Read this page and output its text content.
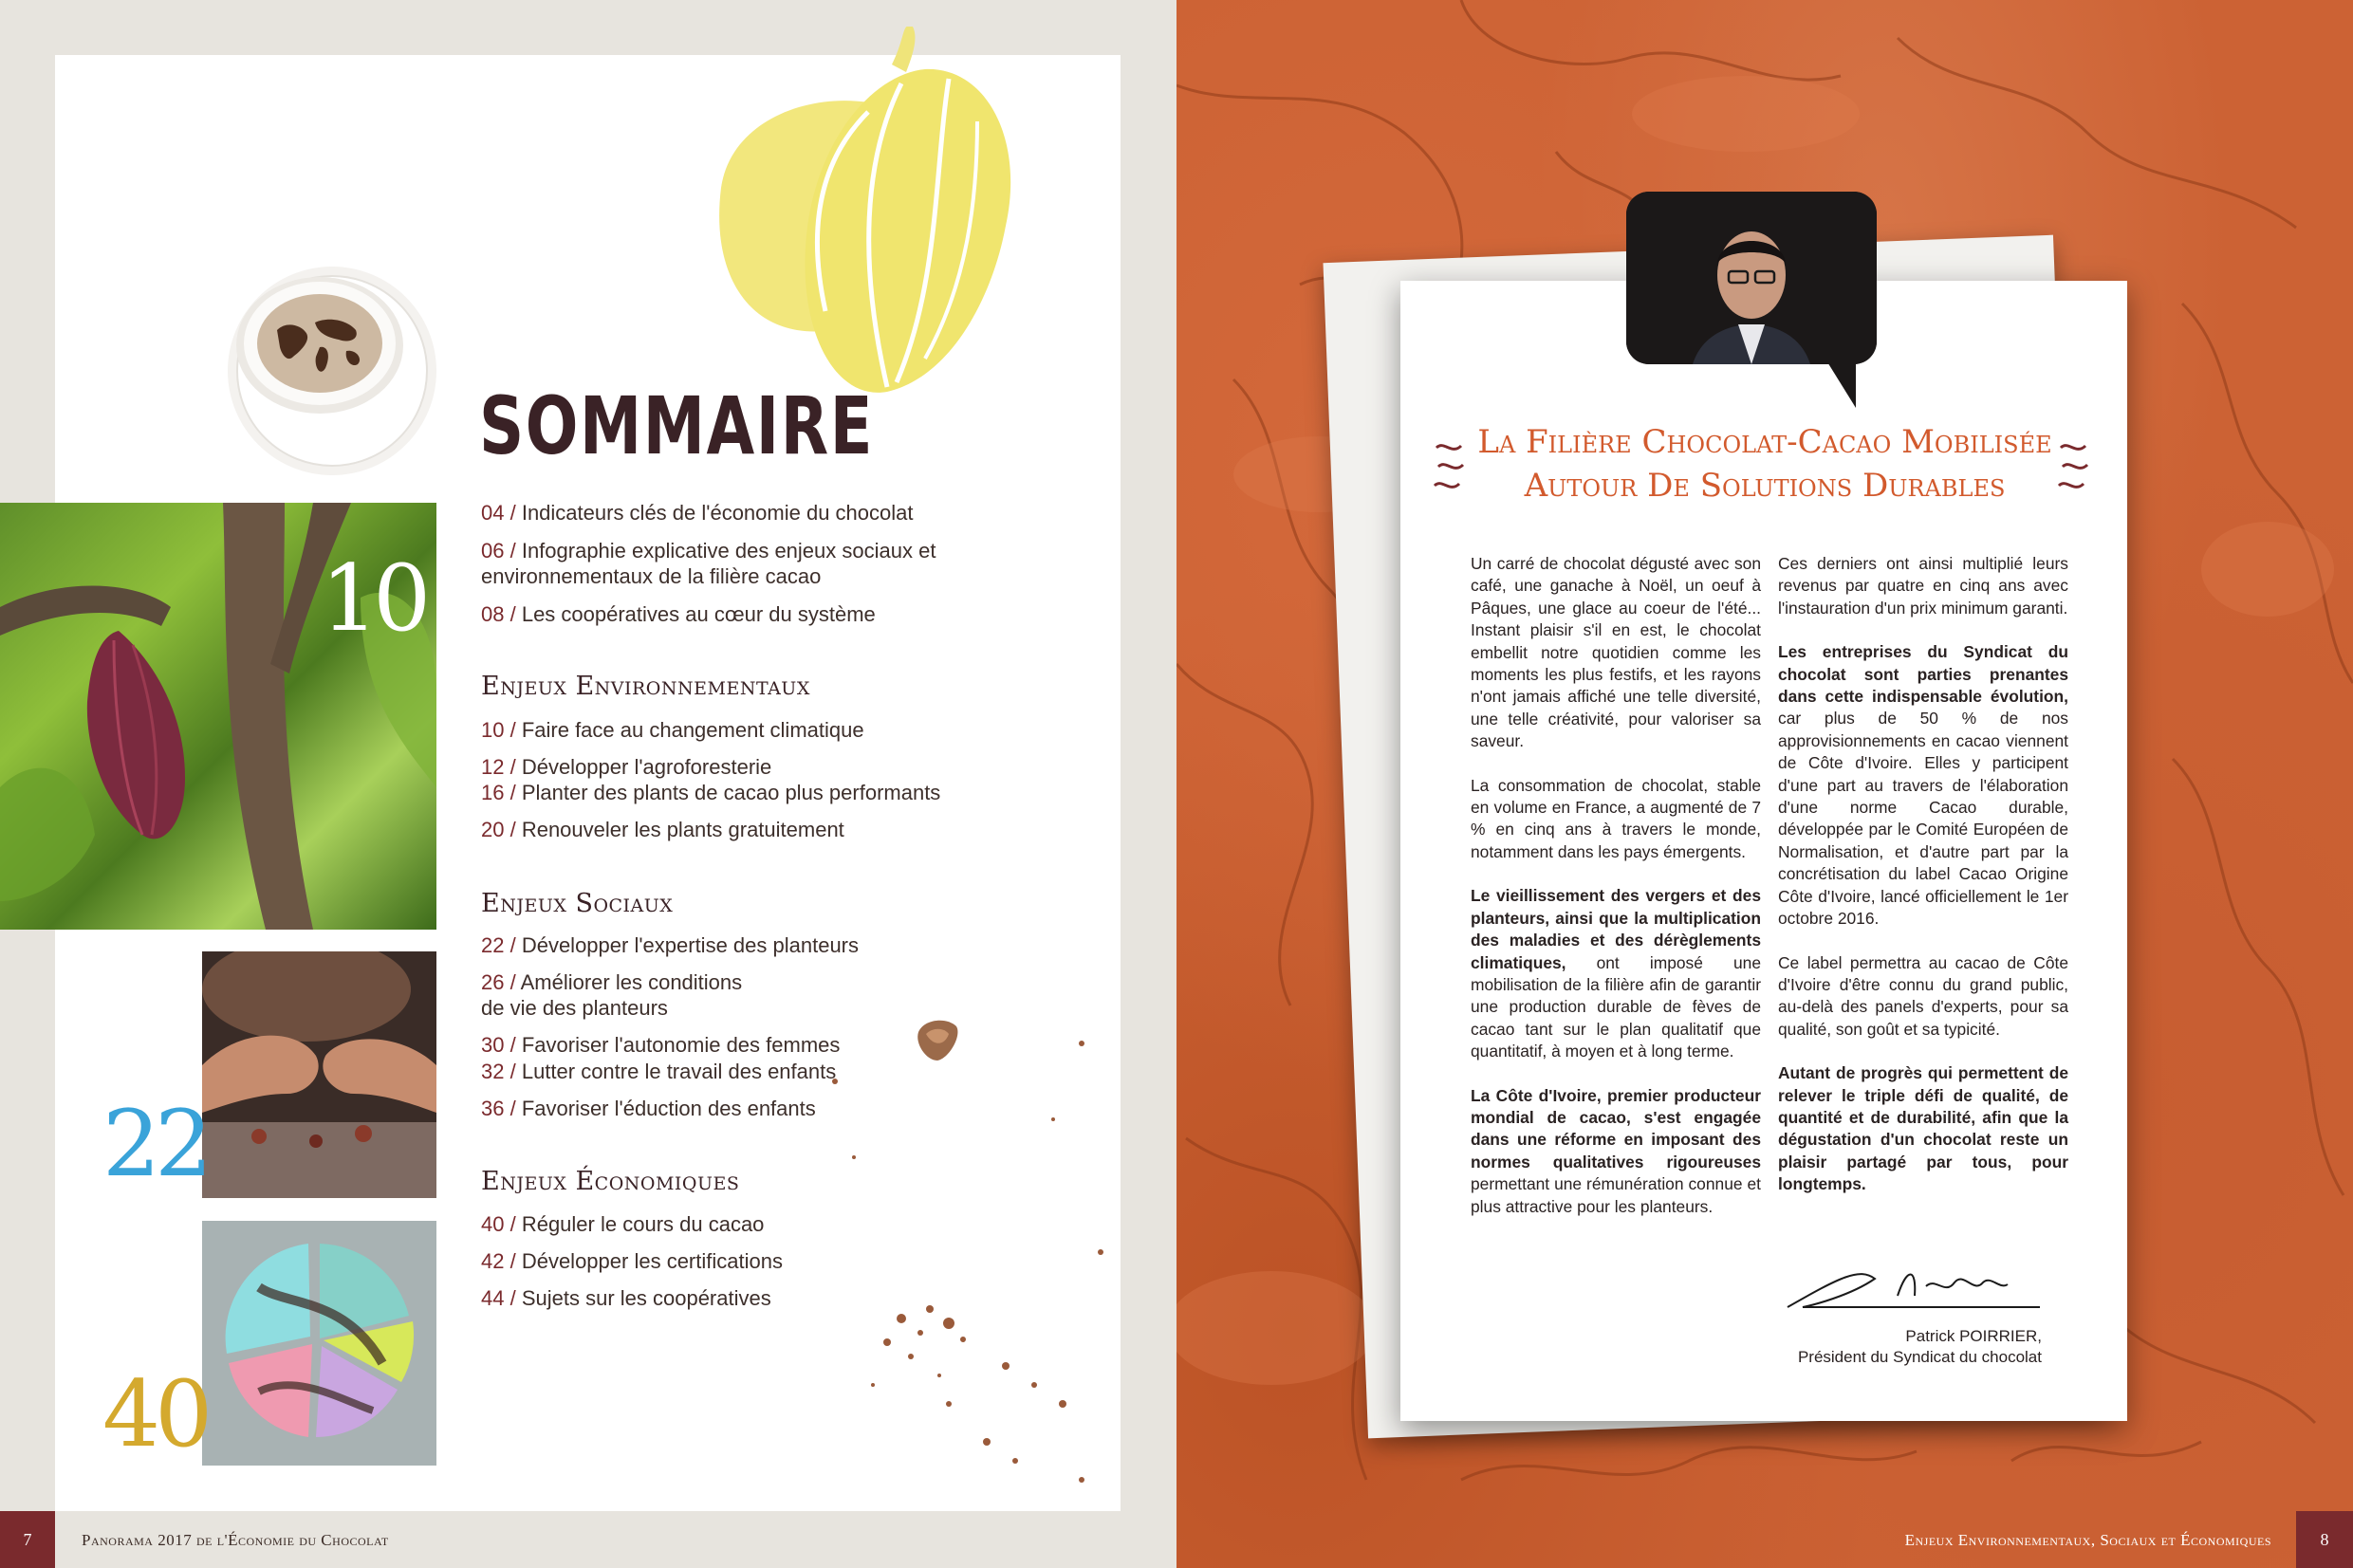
10
22
40
SOMMAIRE
04 / Indicateurs clés de l'économie du chocolat
06 / Infographie explicative des enjeux sociaux et
environnementaux de la filière cacao
08 / Les coopératives au cœur du système
Enjeux Environnementaux
10 / Faire face au changement climatique
12 / Développer l'agroforesterie
16 / Planter des plants de cacao plus performants
20 / Renouveler les plants gratuitement
Enjeux Sociaux
22 / Développer l'expertise des planteurs
26 / Améliorer les conditions
de vie des planteurs
30 / Favoriser l'autonomie des femmes
32 / Lutter contre le travail des enfants
36 / Favoriser l'éduction des enfants
Enjeux Économiques
40 / Réguler le cours du cacao
42 / Développer les certifications
44 / Sujets sur les coopératives
7	Panorama 2017 de l'Économie du Chocolat
La Filière Chocolat-Cacao Mobilisée
Autour De Solutions Durables

Un carré de chocolat dégusté avec son café, une ganache à Noël, un oeuf à Pâques, une glace au coeur de l'été... Instant plaisir s'il en est, le chocolat embellit notre quotidien comme les moments les plus festifs, et les rayons n'ont jamais affiché une telle diversité, une telle créativité, pour valoriser sa saveur.

La consommation de chocolat, stable en volume en France, a augmenté de 7 % en cinq ans à travers le monde, notamment dans les pays émergents.

Le vieillissement des vergers et des planteurs, ainsi que la multiplication des maladies et des dérèglements climatiques, ont imposé une mobilisation de la filière afin de garantir une production durable de fèves de cacao tant sur le plan qualitatif que quantitatif, à moyen et à long terme.

La Côte d'Ivoire, premier producteur mondial de cacao, s'est engagée dans une réforme en imposant des normes qualitatives rigoureuses permettant une rémunération connue et plus attractive pour les planteurs.

Ces derniers ont ainsi multiplié leurs revenus par quatre en cinq ans avec l'instauration d'un prix minimum garanti.

Les entreprises du Syndicat du chocolat sont parties prenantes dans cette indispensable évolution, car plus de 50 % de nos approvisionnements en cacao viennent de Côte d'Ivoire. Elles y participent d'une part au travers de l'élaboration d'une norme Cacao durable, développée par le Comité Européen de Normalisation, et d'autre part par la concrétisation du label Cacao Origine Côte d'Ivoire, lancé officiellement le 1er octobre 2016.

Ce label permettra au cacao de Côte d'Ivoire d'être connu du grand public, au-delà des panels d'experts, pour sa qualité, son goût et sa typicité.

Autant de progrès qui permettent de relever le triple défi de qualité, de quantité et de durabilité, afin que la dégustation d'un chocolat reste un plaisir partagé par tous, pour longtemps.

Patrick POIRRIER,
Président du Syndicat du chocolat
Enjeux Environnementaux, Sociaux et Économiques	8
